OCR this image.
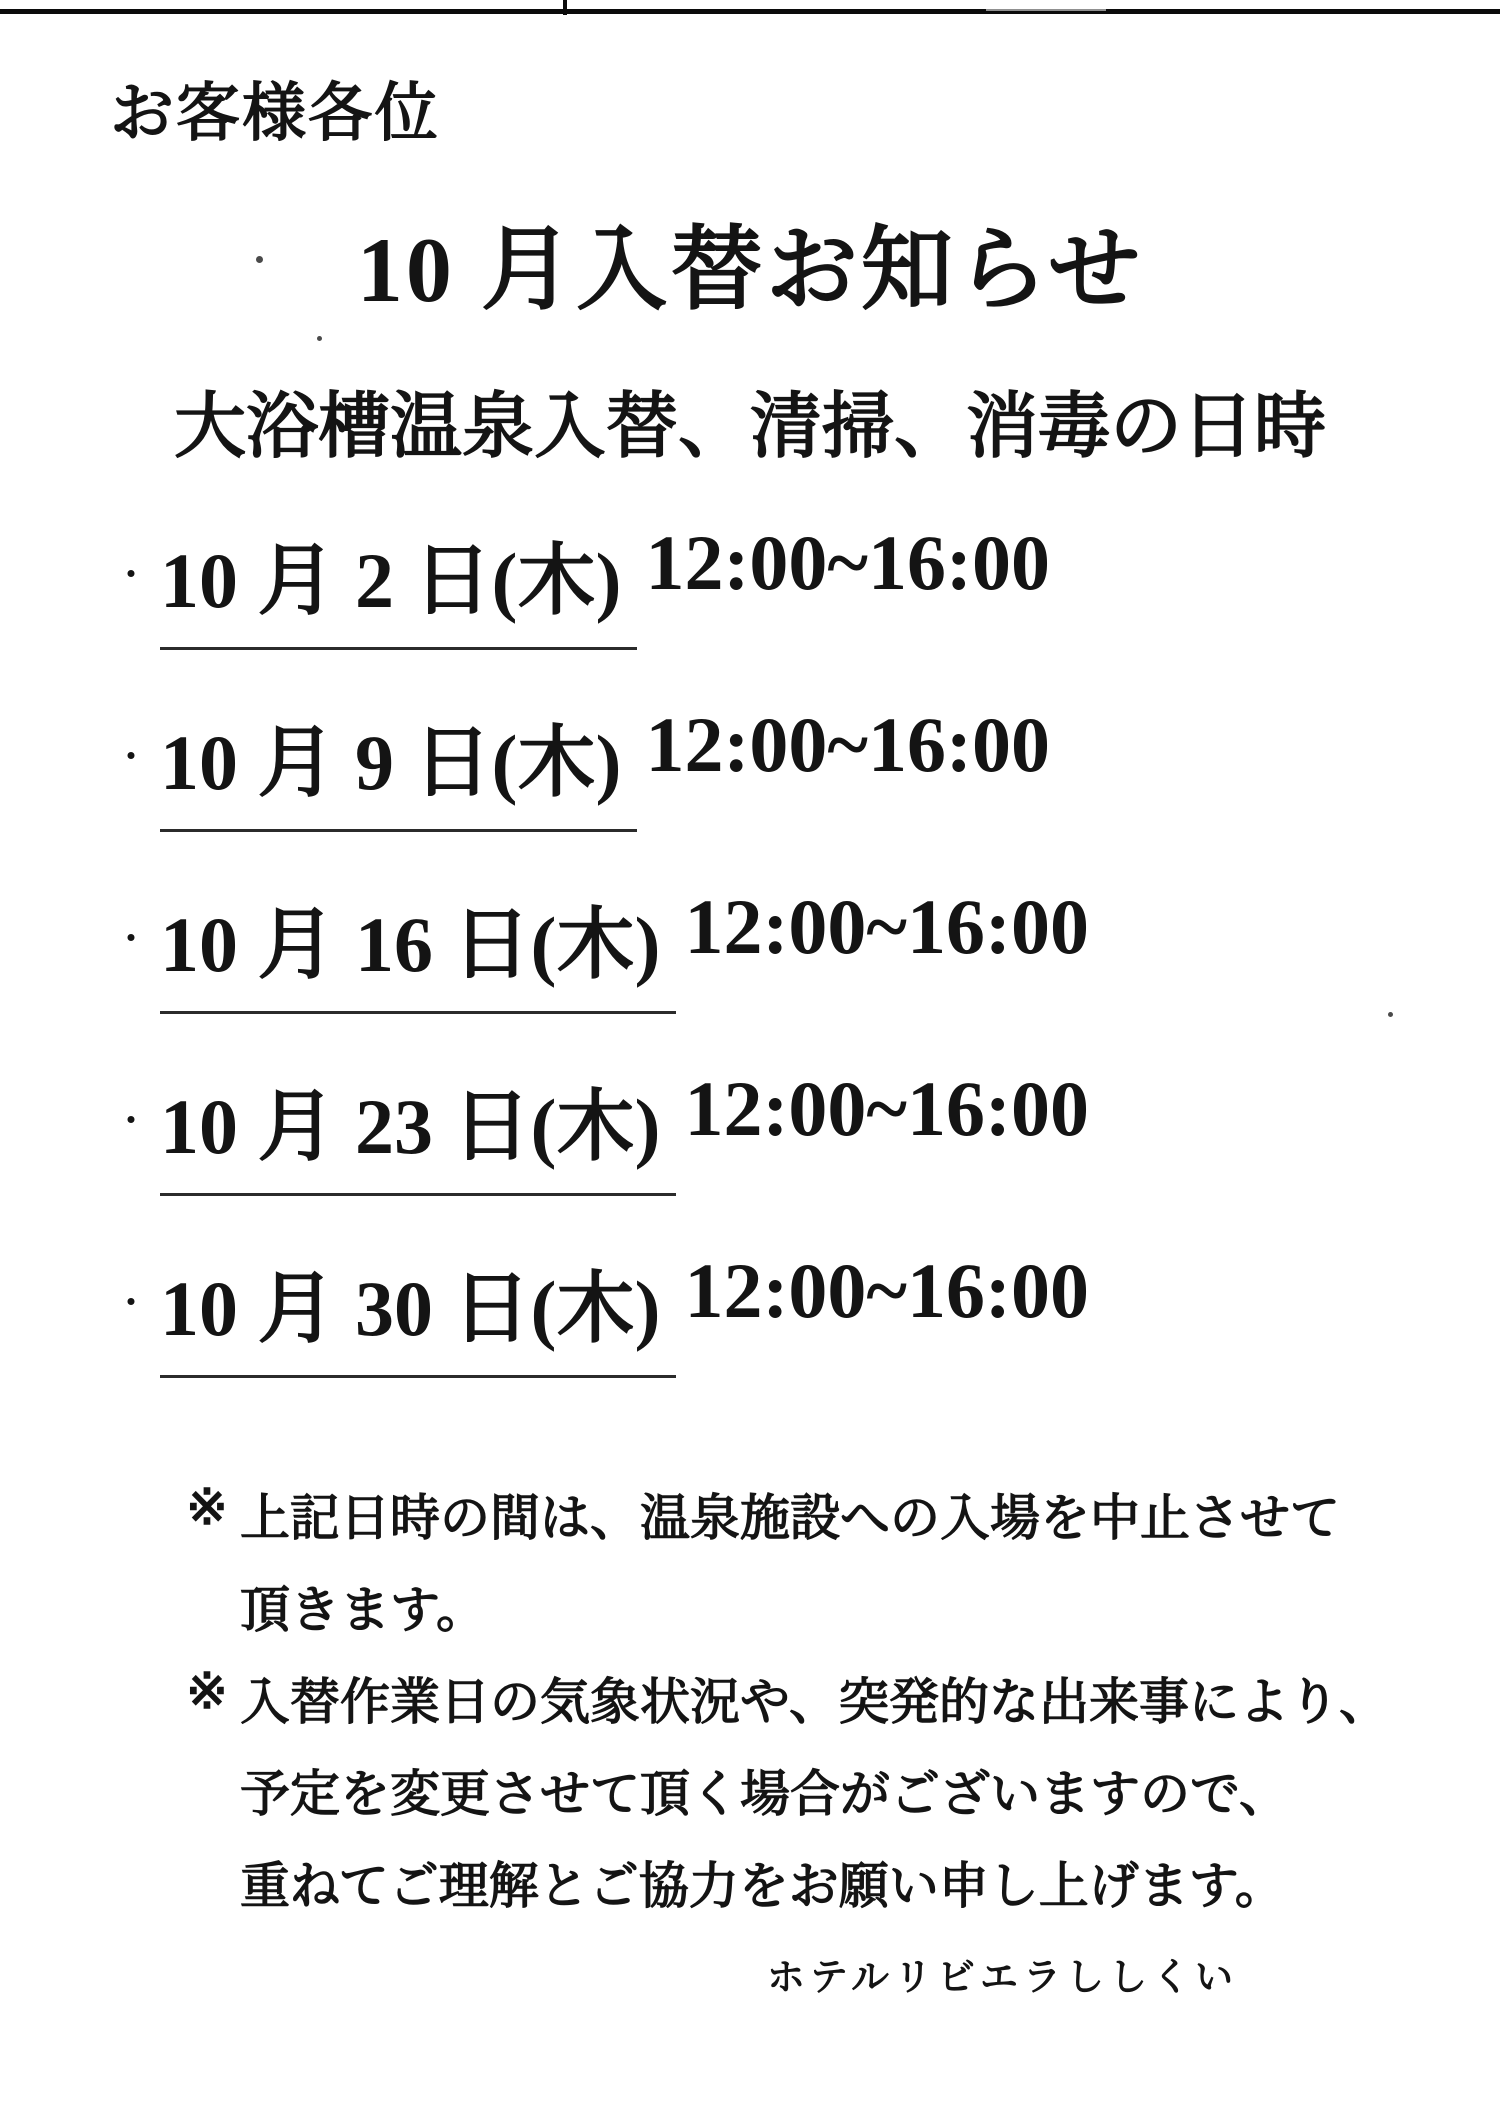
お客様各位
10 月入替お知らせ
大浴槽温泉入替、清掃、消毒の日時
・ 10 月 2 日(木) 12:00~16:00
・ 10 月 9 日(木) 12:00~16:00
・ 10 月 16 日(木) 12:00~16:00
・ 10 月 23 日(木) 12:00~16:00
・ 10 月 30 日(木) 12:00~16:00
※ 上記日時の間は、温泉施設への入場を中止させて
頂きます。
※ 入替作業日の気象状況や、突発的な出来事により、
予定を変更させて頂く場合がございますので、
重ねてご理解とご協力をお願い申し上げます。
ホテルリビエラししくい
